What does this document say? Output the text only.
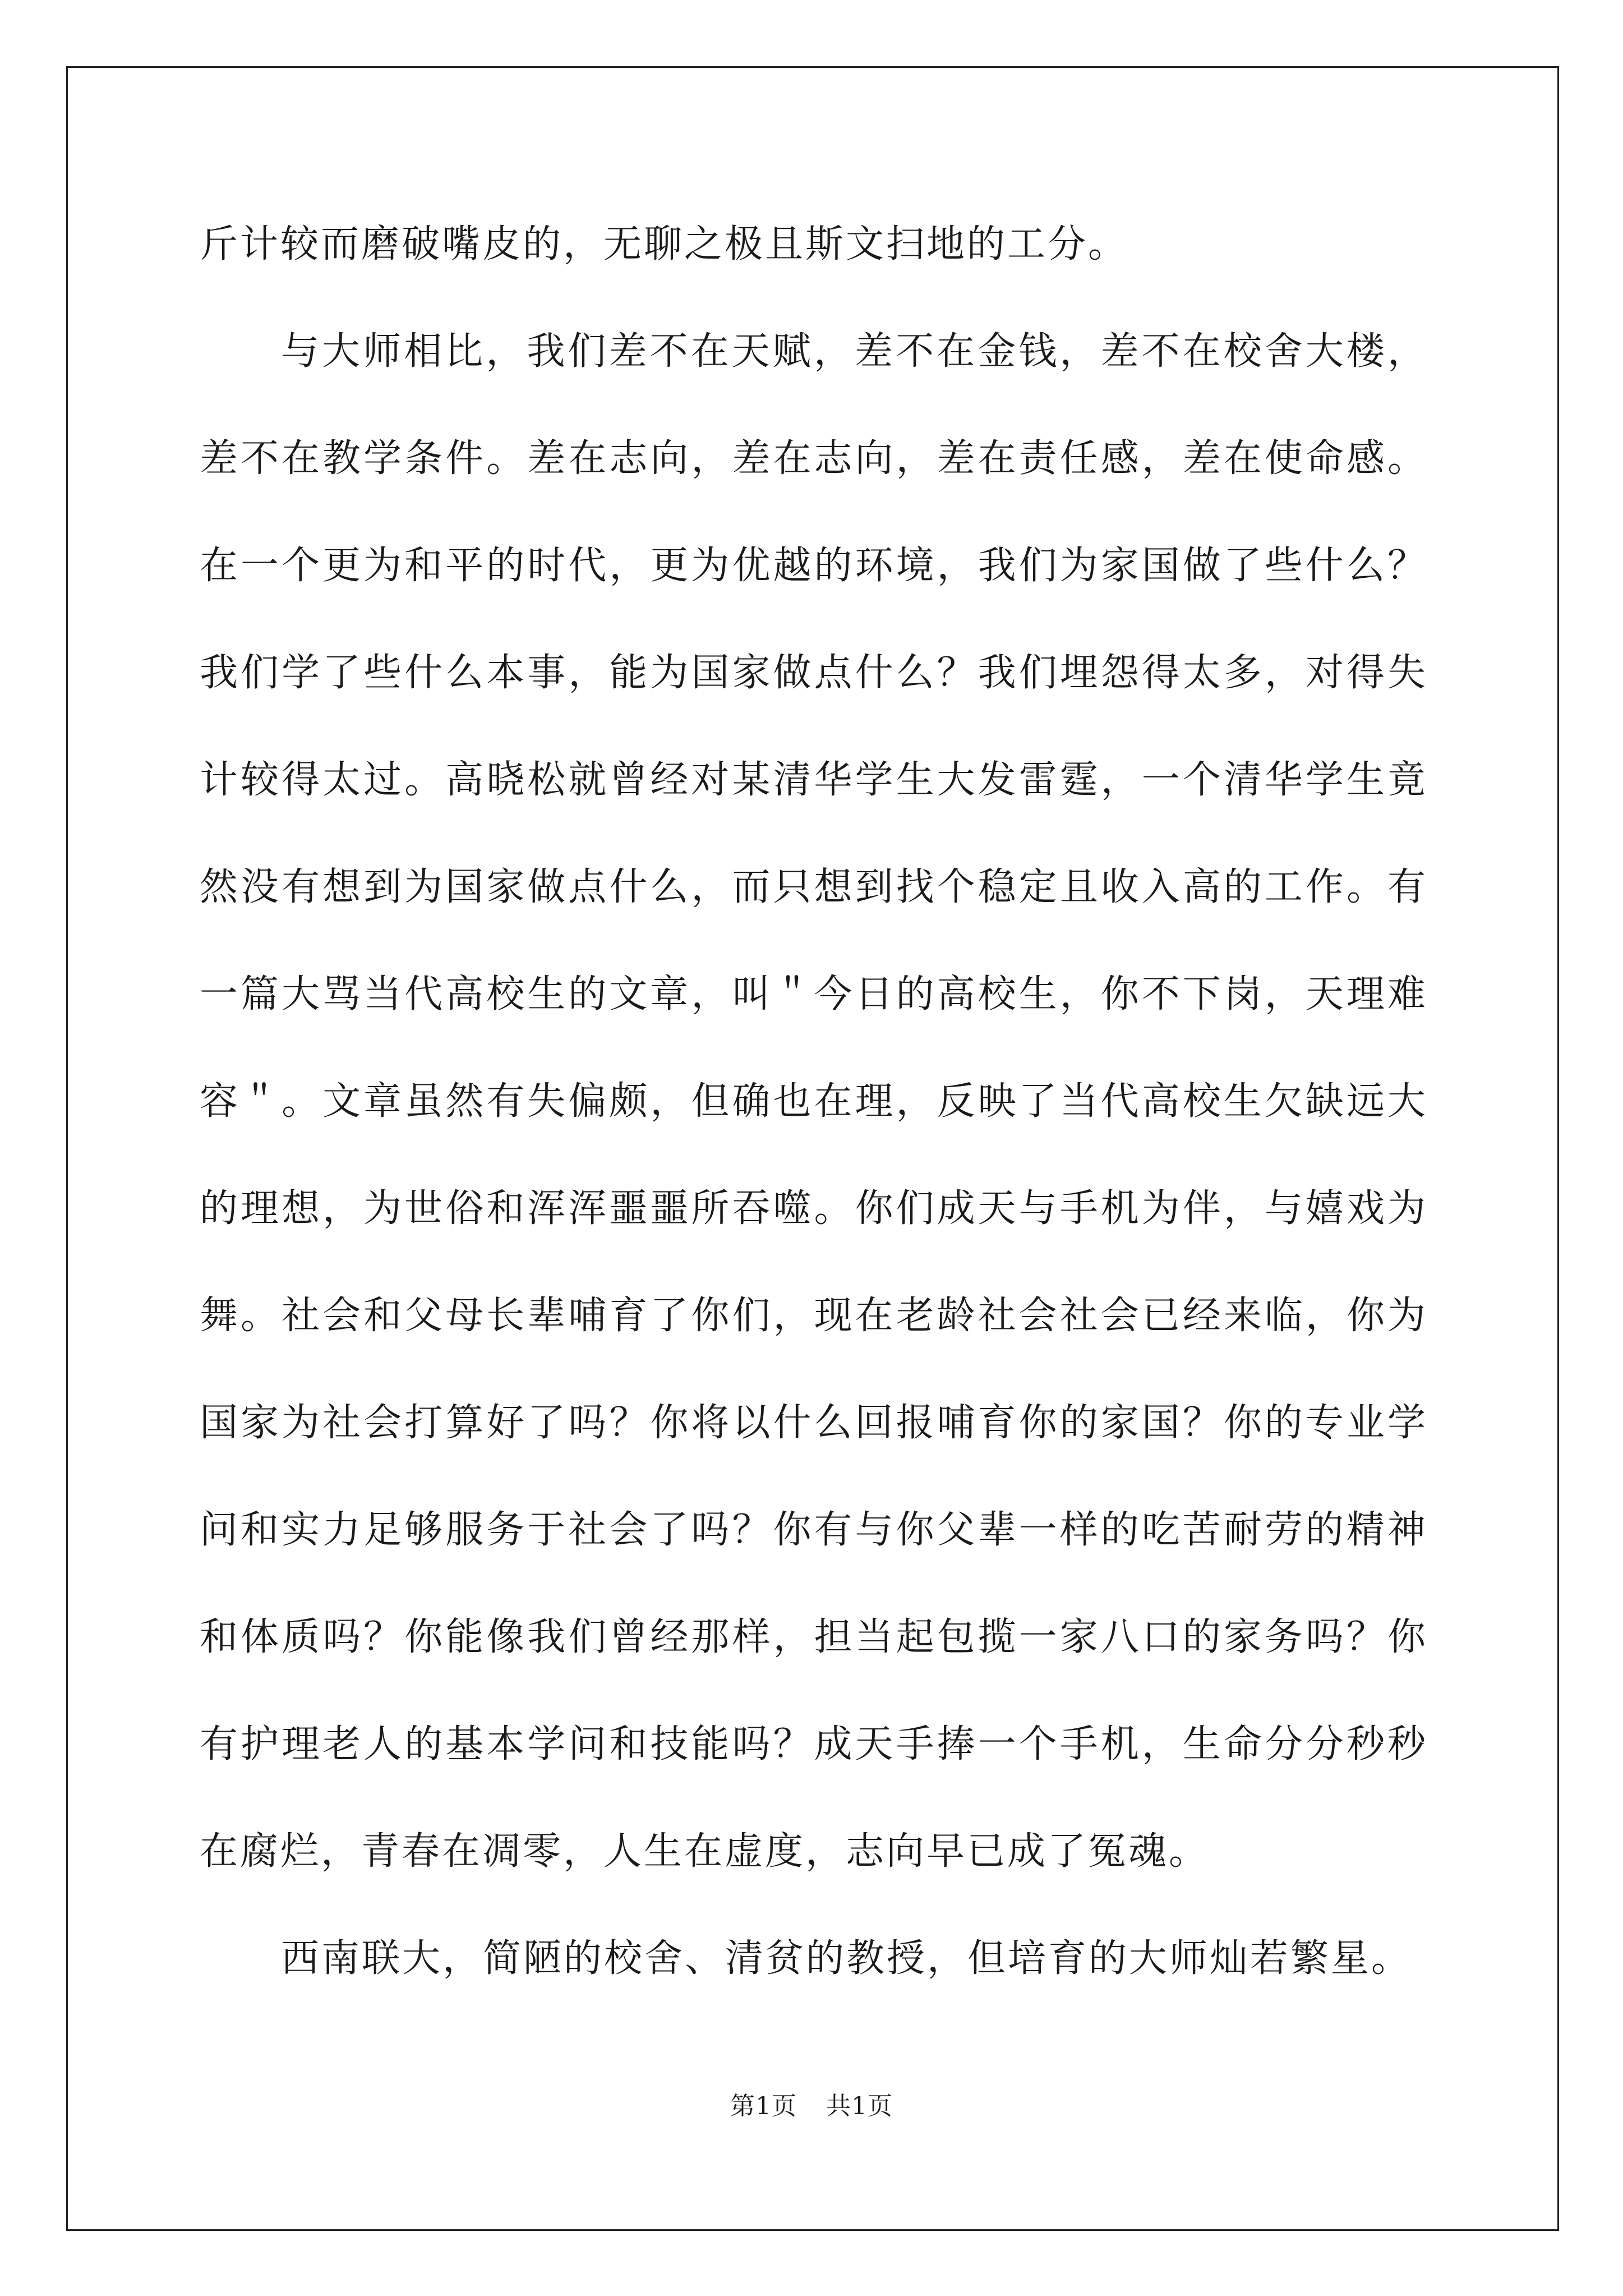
斤计较而磨破嘴皮的，无聊之极且斯文扫地的工分。

与大师相比，我们差不在天赋，差不在金钱，差不在校舍大楼，差不在教学条件。差在志向，差在志向，差在责任感，差在使命感。在一个更为和平的时代，更为优越的环境，我们为家国做了些什么？我们学了些什么本事，能为国家做点什么？我们埋怨得太多，对得失计较得太过。高晓松就曾经对某清华学生大发雷霆，一个清华学生竟然没有想到为国家做点什么，而只想到找个稳定且收入高的工作。有一篇大骂当代高校生的文章，叫＂今日的高校生，你不下岗，天理难容＂。文章虽然有失偏颇，但确也在理，反映了当代高校生欠缺远大的理想，为世俗和浑浑噩噩所吞噬。你们成天与手机为伴，与嬉戏为舞。社会和父母长辈哺育了你们，现在老龄社会社会已经来临，你为国家为社会打算好了吗？你将以什么回报哺育你的家国？你的专业学问和实力足够服务于社会了吗？你有与你父辈一样的吃苦耐劳的精神和体质吗？你能像我们曾经那样，担当起包揽一家八口的家务吗？你有护理老人的基本学问和技能吗？成天手捧一个手机，生命分分秒秒在腐烂，青春在凋零，人生在虚度，志向早已成了冤魂。

西南联大，简陋的校舍、清贫的教授，但培育的大师灿若繁星。

第1页 共1页
